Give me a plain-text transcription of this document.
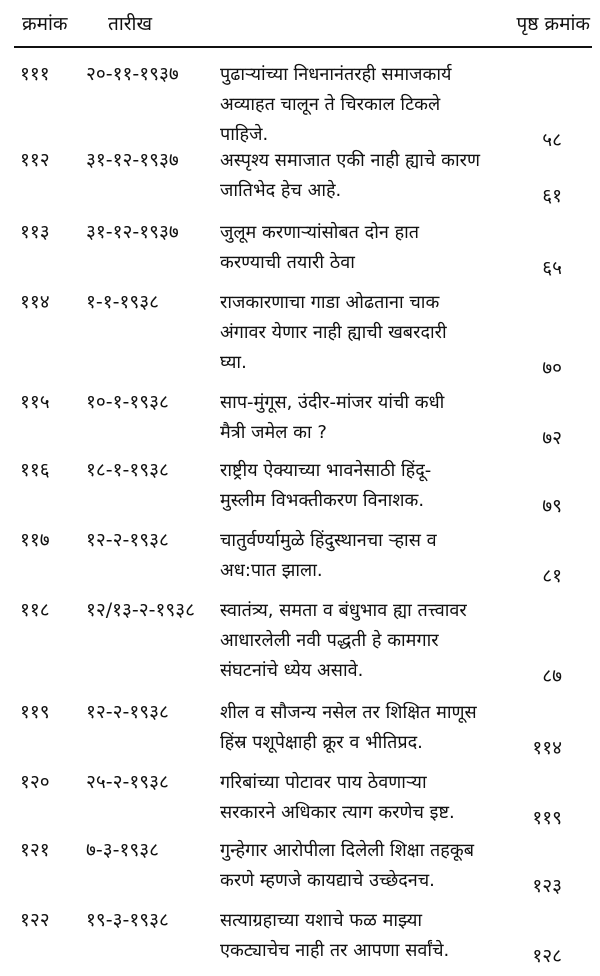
क्रमांक तारीख	पृष्ठ क्रमांक
१११ २०-११-१९३७ पुढाऱ्यांच्या निधनानंतरही समाजकार्य
अव्याहत चालून ते चिरकाल टिकले
पाहिजे.	५८
११२ ३१-१२-१९३७ अस्पृश्य समाजात एकी नाही ह्याचे कारण
जातिभेद हेच आहे.	६१
११३ ३१-१२-१९३७ जुलूम करणाऱ्यांसोबत दोन हात
करण्याची तयारी ठेवा	६५
११४ १-१-१९३८	राजकारणाचा गाडा ओढताना चाक
अंगावर येणार नाही ह्याची खबरदारी
घ्या.	७०
११५ १०-१-१९३८	साप-मुंगूस, उंदीर-मांजर यांची कधी
मैत्री जमेल का ?	७२
११६ १८-१-१९३८	राष्ट्रीय ऐक्याच्या भावनेसाठी हिंदू-
मुस्लीम विभक्तीकरण विनाशक.	७९
११७ १२-२-१९३८	चातुर्वर्ण्यामुळे हिंदुस्थानचा ऱ्हास व
अध:पात झाला.	८१
११८ १२/१३-२-१९३८ स्वातंत्र्य, समता व बंधुभाव ह्या तत्त्वावर
आधारलेली नवी पद्धती हे कामगार
संघटनांचे ध्येय असावे.	८७
११९ १२-२-१९३८	शील व सौजन्य नसेल तर शिक्षित माणूस
हिंस्र पशूपेक्षाही क्रूर व भीतिप्रद.	११४
१२० २५-२-१९३८	गरिबांच्या पोटावर पाय ठेवणाऱ्या
सरकारने अधिकार त्याग करणेच इष्ट.	११९
१२१ ७-३-१९३८	गुन्हेगार आरोपीला दिलेली शिक्षा तहकूब
करणे म्हणजे कायद्याचे उच्छेदनच.	१२३
१२२ १९-३-१९३८	सत्याग्रहाच्या यशाचे फळ माझ्या
एकट्याचेच नाही तर आपणा सर्वांचे.	१२८
